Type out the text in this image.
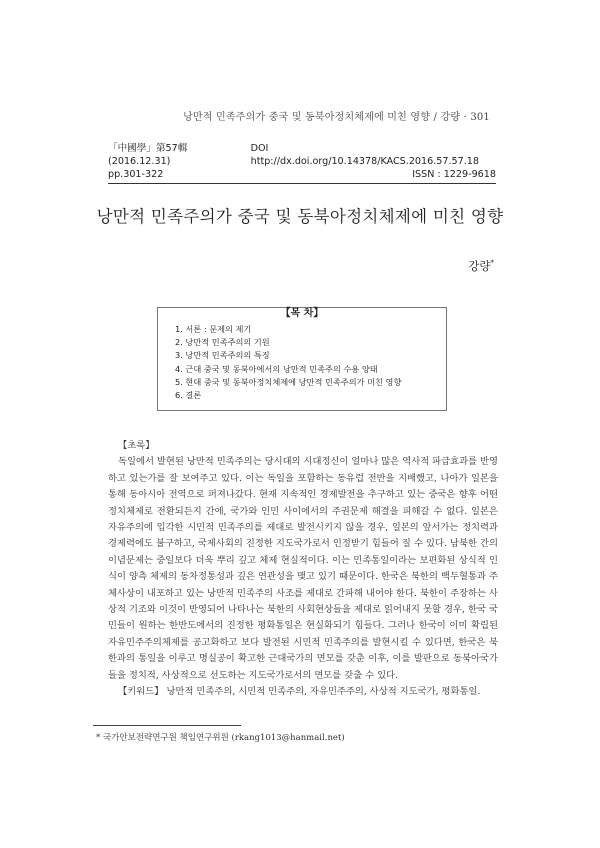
낭만적 민족주의가 중국 및 동북아정치체제에 미친 영향 / 강량 · 301
「中國學」第57輯 (2016.12.31)
DOI http://dx.doi.org/10.14378/KACS.2016.57.57.18
pp.301-322	ISSN : 1229-9618
낭만적 민족주의가 중국 및 동북아정치체제에 미친 영향
강량*
【목 차】
1. 서론 : 문제의 제기
2. 낭만적 민족주의의 기원
3. 낭만적 민족주의의 특징
4. 근대 중국 및 동북아에서의 낭만적 민족주의 수용 양태
5. 현대 중국 및 동북아정치체제에 낭만적 민족주의가 미친 영향
6. 결론
【초록】

독일에서 발현된 낭만적 민족주의는 당시대의 시대정신이 얼마나 많은 역사적 파급효과를 반영하고 있는가를 잘 보여주고 있다. 이는 독일을 포함하는 동유럽 전반을 지배했고, 나아가 일본을 통해 동아시아 전역으로 퍼져나갔다. 현재 지속적인 경제발전을 추구하고 있는 중국은 향후 어떤 정치체제로 전환되든지 간에, 국가와 인민 사이에서의 주권문제 해결을 피해갈 수 없다. 일본은 자유주의에 입각한 시민적 민족주의를 제대로 발전시키지 않을 경우, 일본의 앞서가는 정치력과 경제력에도 불구하고, 국제사회의 진정한 지도국가로서 인정받기 힘들어 질 수 있다. 남북한 간의 이념문제는 중일보다 더욱 뿌리 깊고 체제 현실적이다. 이는 민족통일이라는 보편화된 상식적 인식이 양측 체제의 동차정통성과 깊은 연관성을 맺고 있기 때문이다. 한국은 북한의 백두혈통과 주체사상이 내포하고 있는 낭만적 민족주의 사조를 제대로 간파해 내어야 한다. 북한이 주장하는 사상적 기조와 이것이 반영되어 나타나는 북한의 사회현상들을 제대로 읽어내지 못할 경우, 한국 국민들이 원하는 한반도에서의 진정한 평화통일은 현실화되기 힘들다. 그러나 한국이 이미 확립된 자유민주주의체제를 공고화하고 보다 발전된 시민적 민족주의를 발현시킬 수 있다면, 한국은 북한과의 통일을 이루고 명실공이 확고한 근대국가의 면모를 갖춘 이후, 이를 발판으로 동북아국가들을 정치적, 사상적으로 선도하는 지도국가로서의 면모를 갖출 수 있다.

【키워드】 낭만적 민족주의, 시민적 민족주의, 자유민주주의, 사상적 지도국가, 평화통일.

* 국가안보전략연구원 책임연구위원 (rkang1013@hanmail.net)
